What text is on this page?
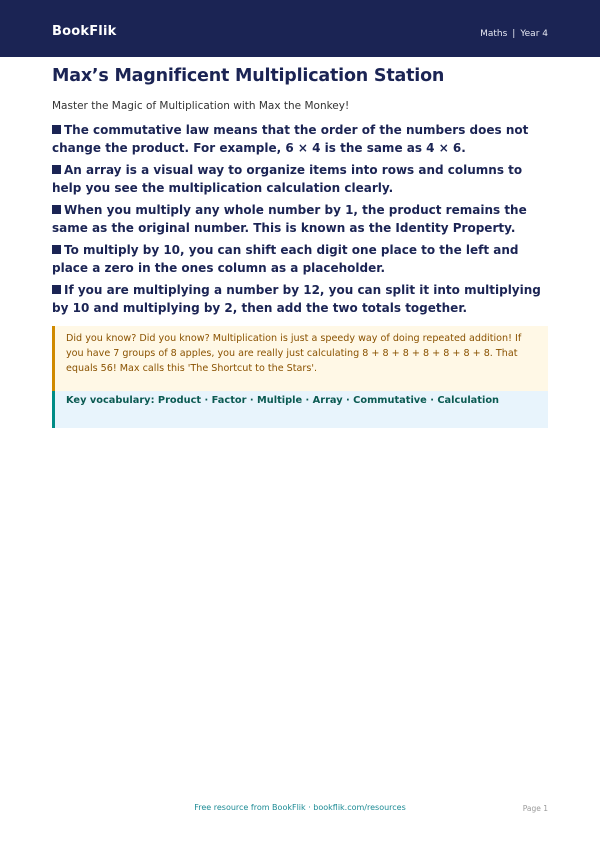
BookFlik	Maths | Year 4
Max’s Magnificent Multiplication Station
Master the Magic of Multiplication with Max the Monkey!
The commutative law means that the order of the numbers does not change the product. For example, 6 × 4 is the same as 4 × 6.
An array is a visual way to organize items into rows and columns to help you see the multiplication calculation clearly.
When you multiply any whole number by 1, the product remains the same as the original number. This is known as the Identity Property.
To multiply by 10, you can shift each digit one place to the left and place a zero in the ones column as a placeholder.
If you are multiplying a number by 12, you can split it into multiplying by 10 and multiplying by 2, then add the two totals together.
Did you know? Did you know? Multiplication is just a speedy way of doing repeated addition! If you have 7 groups of 8 apples, you are really just calculating 8 + 8 + 8 + 8 + 8 + 8 + 8. That equals 56! Max calls this 'The Shortcut to the Stars'.
Key vocabulary: Product · Factor · Multiple · Array · Commutative · Calculation
Free resource from BookFlik · bookflik.com/resources	Page 1
